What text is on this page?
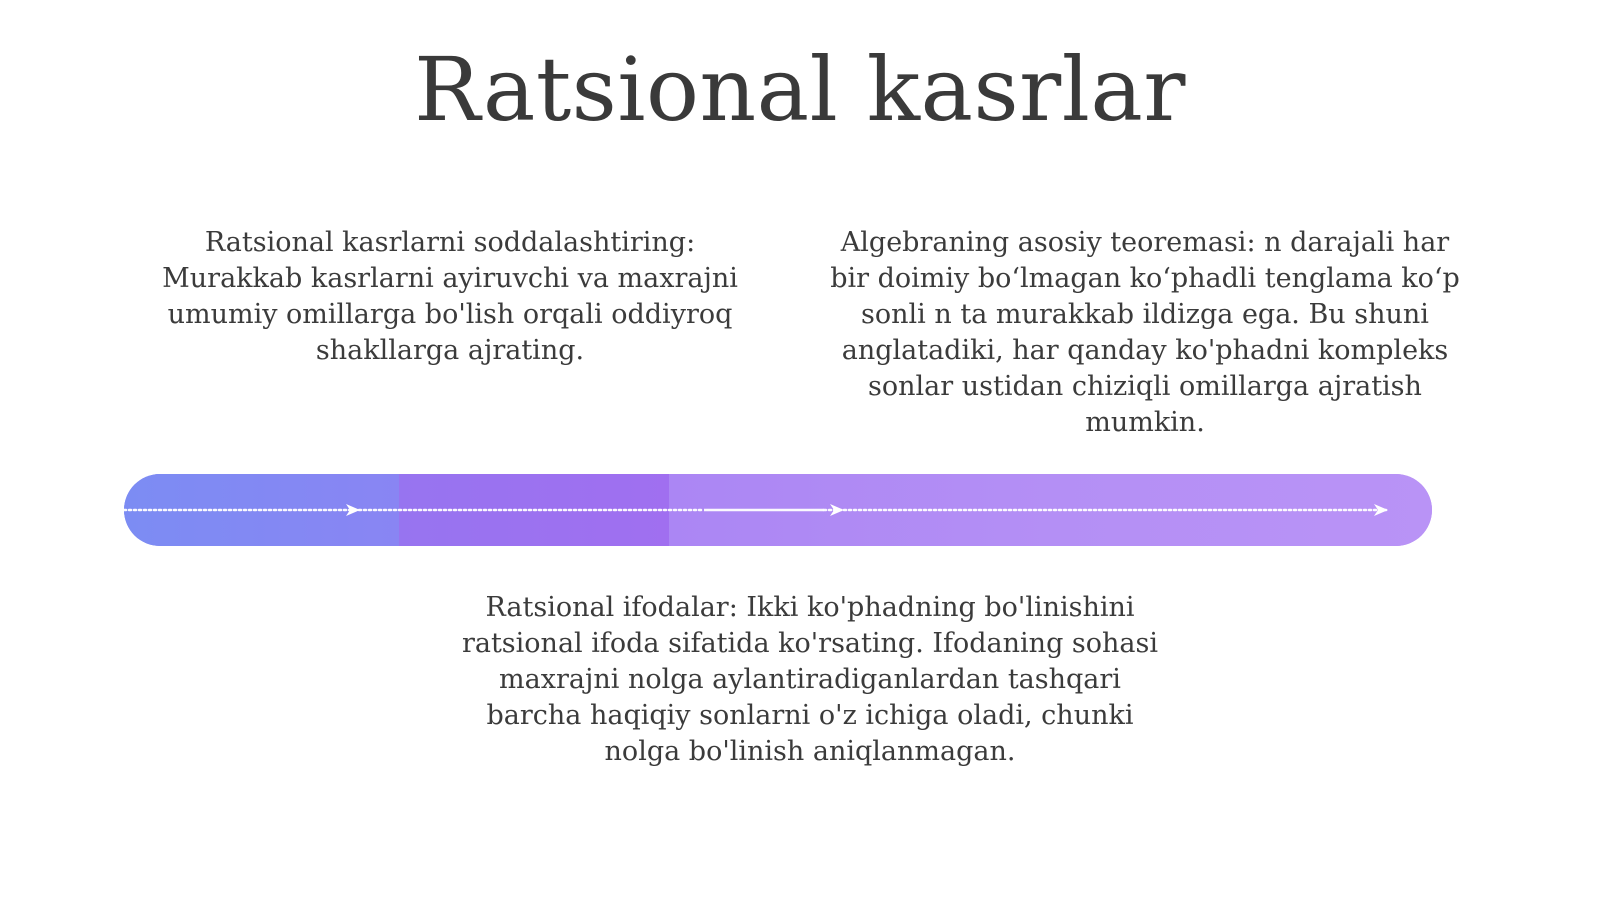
Ratsional kasrlar

Ratsional kasrlarni soddalashtiring: Murakkab kasrlarni ayiruvchi va maxrajni umumiy omillarga bo'lish orqali oddiyroq shakllarga ajrating.

Algebraning asosiy teoremasi: n darajali har bir doimiy bo‘lmagan ko‘phadli tenglama ko‘p sonli n ta murakkab ildizga ega. Bu shuni anglatadiki, har qanday ko'phadni kompleks sonlar ustidan chiziqli omillarga ajratish mumkin.

Ratsional ifodalar: Ikki ko'phadning bo'linishini ratsional ifoda sifatida ko'rsating. Ifodaning sohasi maxrajni nolga aylantiradiganlardan tashqari barcha haqiqiy sonlarni o'z ichiga oladi, chunki nolga bo'linish aniqlanmagan.
